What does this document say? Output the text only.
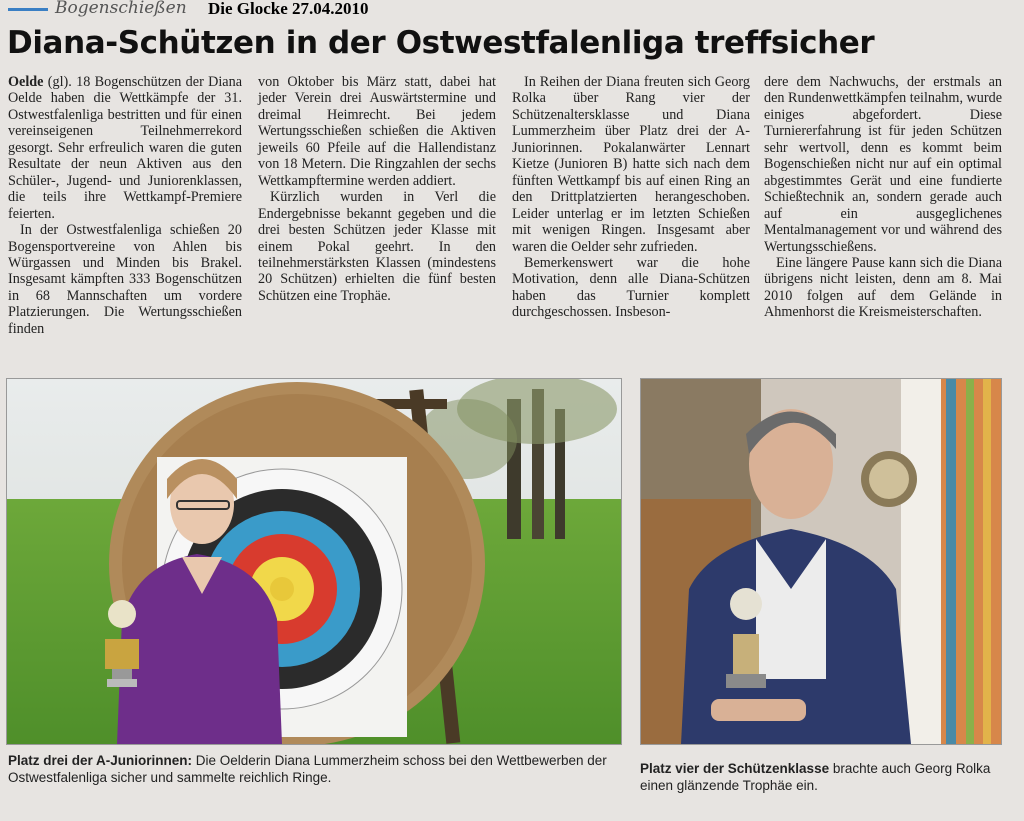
Bogenschießen Die Glocke 27.04.2010
Diana-Schützen in der Ostwestfalenliga treffsicher

Oelde (gl). 18 Bogenschützen der Diana Oelde haben die Wettkämpfe der 31. Ostwestfalenliga bestritten und für einen vereinseigenen Teilnehmerrekord gesorgt. Sehr erfreulich waren die guten Resultate der neun Aktiven aus den Schüler-, Jugend- und Juniorenklassen, die teils ihre Wettkampf-Premiere feierten.

In der Ostwestfalenliga schießen 20 Bogensportvereine von Ahlen bis Würgassen und Minden bis Brakel. Insgesamt kämpften 333 Bogenschützen in 68 Mannschaften um vordere Platzierungen. Die Wertungsschießen finden

von Oktober bis März statt, dabei hat jeder Verein drei Auswärtstermine und dreimal Heimrecht. Bei jedem Wertungsschießen schießen die Aktiven jeweils 60 Pfeile auf die Hallendistanz von 18 Metern. Die Ringzahlen der sechs Wettkampftermine werden addiert.

Kürzlich wurden in Verl die Endergebnisse bekannt gegeben und die drei besten Schützen jeder Klasse mit einem Pokal geehrt. In den teilnehmerstärksten Klassen (mindestens 20 Schützen) erhielten die fünf besten Schützen eine Trophäe.

In Reihen der Diana freuten sich Georg Rolka über Rang vier der Schützenaltersklasse und Diana Lummerzheim über Platz drei der A-Juniorinnen. Pokalanwärter Lennart Kietze (Junioren B) hatte sich nach dem fünften Wettkampf bis auf einen Ring an den Drittplatzierten herangeschoben. Leider unterlag er im letzten Schießen mit wenigen Ringen. Insgesamt aber waren die Oelder sehr zufrieden.

Bemerkenswert war die hohe Motivation, denn alle Diana-Schützen haben das Turnier komplett durchgeschossen. Insbeson-

dere dem Nachwuchs, der erstmals an den Rundenwettkämpfen teilnahm, wurde einiges abgefordert. Diese Turniererfahrung ist für jeden Schützen sehr wertvoll, denn es kommt beim Bogenschießen nicht nur auf ein optimal abgestimmtes Gerät und eine fundierte Schießtechnik an, sondern gerade auch auf ein ausgeglichenes Mentalmanagement vor und während des Wertungsschießens.

Eine längere Pause kann sich die Diana übrigens nicht leisten, denn am 8. Mai 2010 folgen auf dem Gelände in Ahmenhorst die Kreismeisterschaften.

Platz drei der A-Juniorinnen: Die Oelderin Diana Lummerzheim schoss bei den Wettbewerben der Ostwestfalenliga sicher und sammelte reichlich Ringe.
Platz vier der Schützenklasse brachte auch Georg Rolka einen glänzende Trophäe ein.
